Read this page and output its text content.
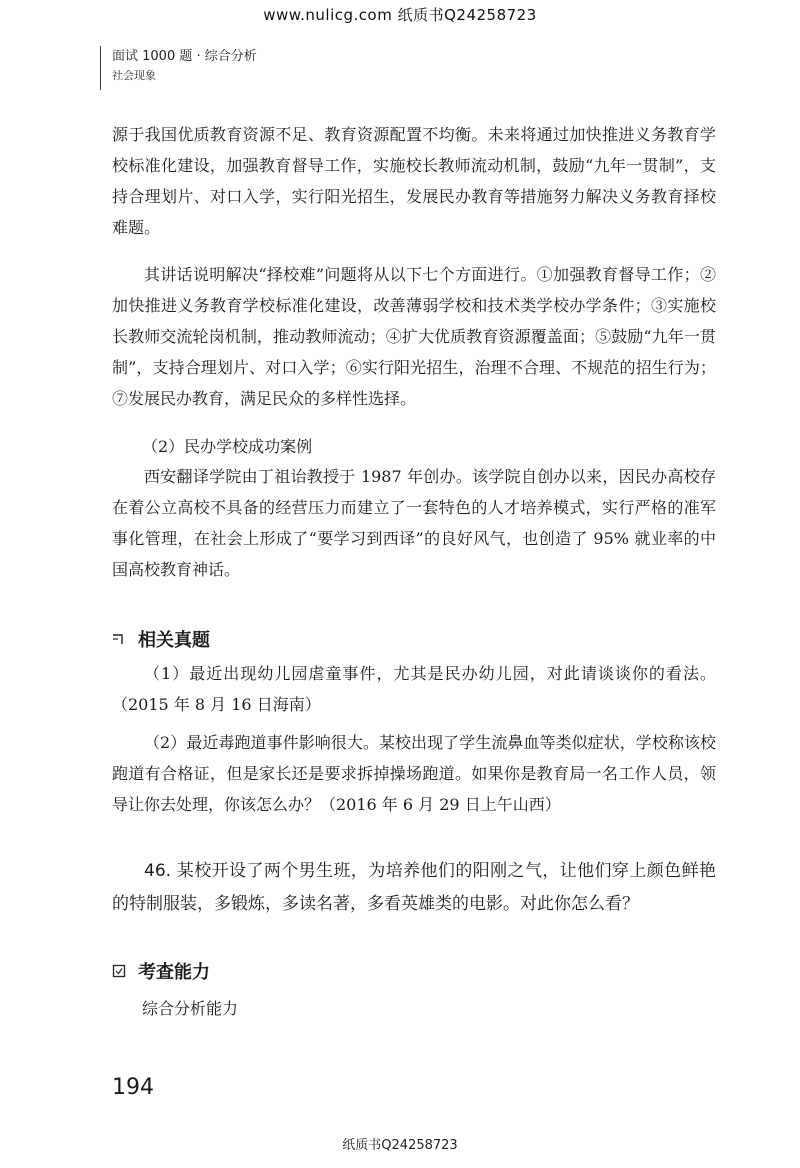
www.nulicg.com 纸质书Q24258723
面试 1000 题 · 综合分析
社会现象

源于我国优质教育资源不足、教育资源配置不均衡。未来将通过加快推进义务教育学校标准化建设，加强教育督导工作，实施校长教师流动机制，鼓励“九年一贯制”，支持合理划片、对口入学，实行阳光招生，发展民办教育等措施努力解决义务教育择校难题。

其讲话说明解决“择校难”问题将从以下七个方面进行。①加强教育督导工作；②加快推进义务教育学校标准化建设，改善薄弱学校和技术类学校办学条件；③实施校长教师交流轮岗机制，推动教师流动；④扩大优质教育资源覆盖面；⑤鼓励“九年一贯制”，支持合理划片、对口入学；⑥实行阳光招生，治理不合理、不规范的招生行为；⑦发展民办教育，满足民众的多样性选择。

（2）民办学校成功案例

西安翻译学院由丁祖诒教授于 1987 年创办。该学院自创办以来，因民办高校存在着公立高校不具备的经营压力而建立了一套特色的人才培养模式，实行严格的准军事化管理，在社会上形成了“要学习到西译”的良好风气，也创造了 95% 就业率的中国高校教育神话。

相关真题

（1）最近出现幼儿园虐童事件，尤其是民办幼儿园，对此请谈谈你的看法。（2015 年 8 月 16 日海南）

（2）最近毒跑道事件影响很大。某校出现了学生流鼻血等类似症状，学校称该校跑道有合格证，但是家长还是要求拆掉操场跑道。如果你是教育局一名工作人员，领导让你去处理，你该怎么办？（2016 年 6 月 29 日上午山西）

46. 某校开设了两个男生班，为培养他们的阳刚之气，让他们穿上颜色鲜艳的特制服装，多锻炼，多读名著，多看英雄类的电影。对此你怎么看？
考查能力
综合分析能力
194
纸质书Q24258723
